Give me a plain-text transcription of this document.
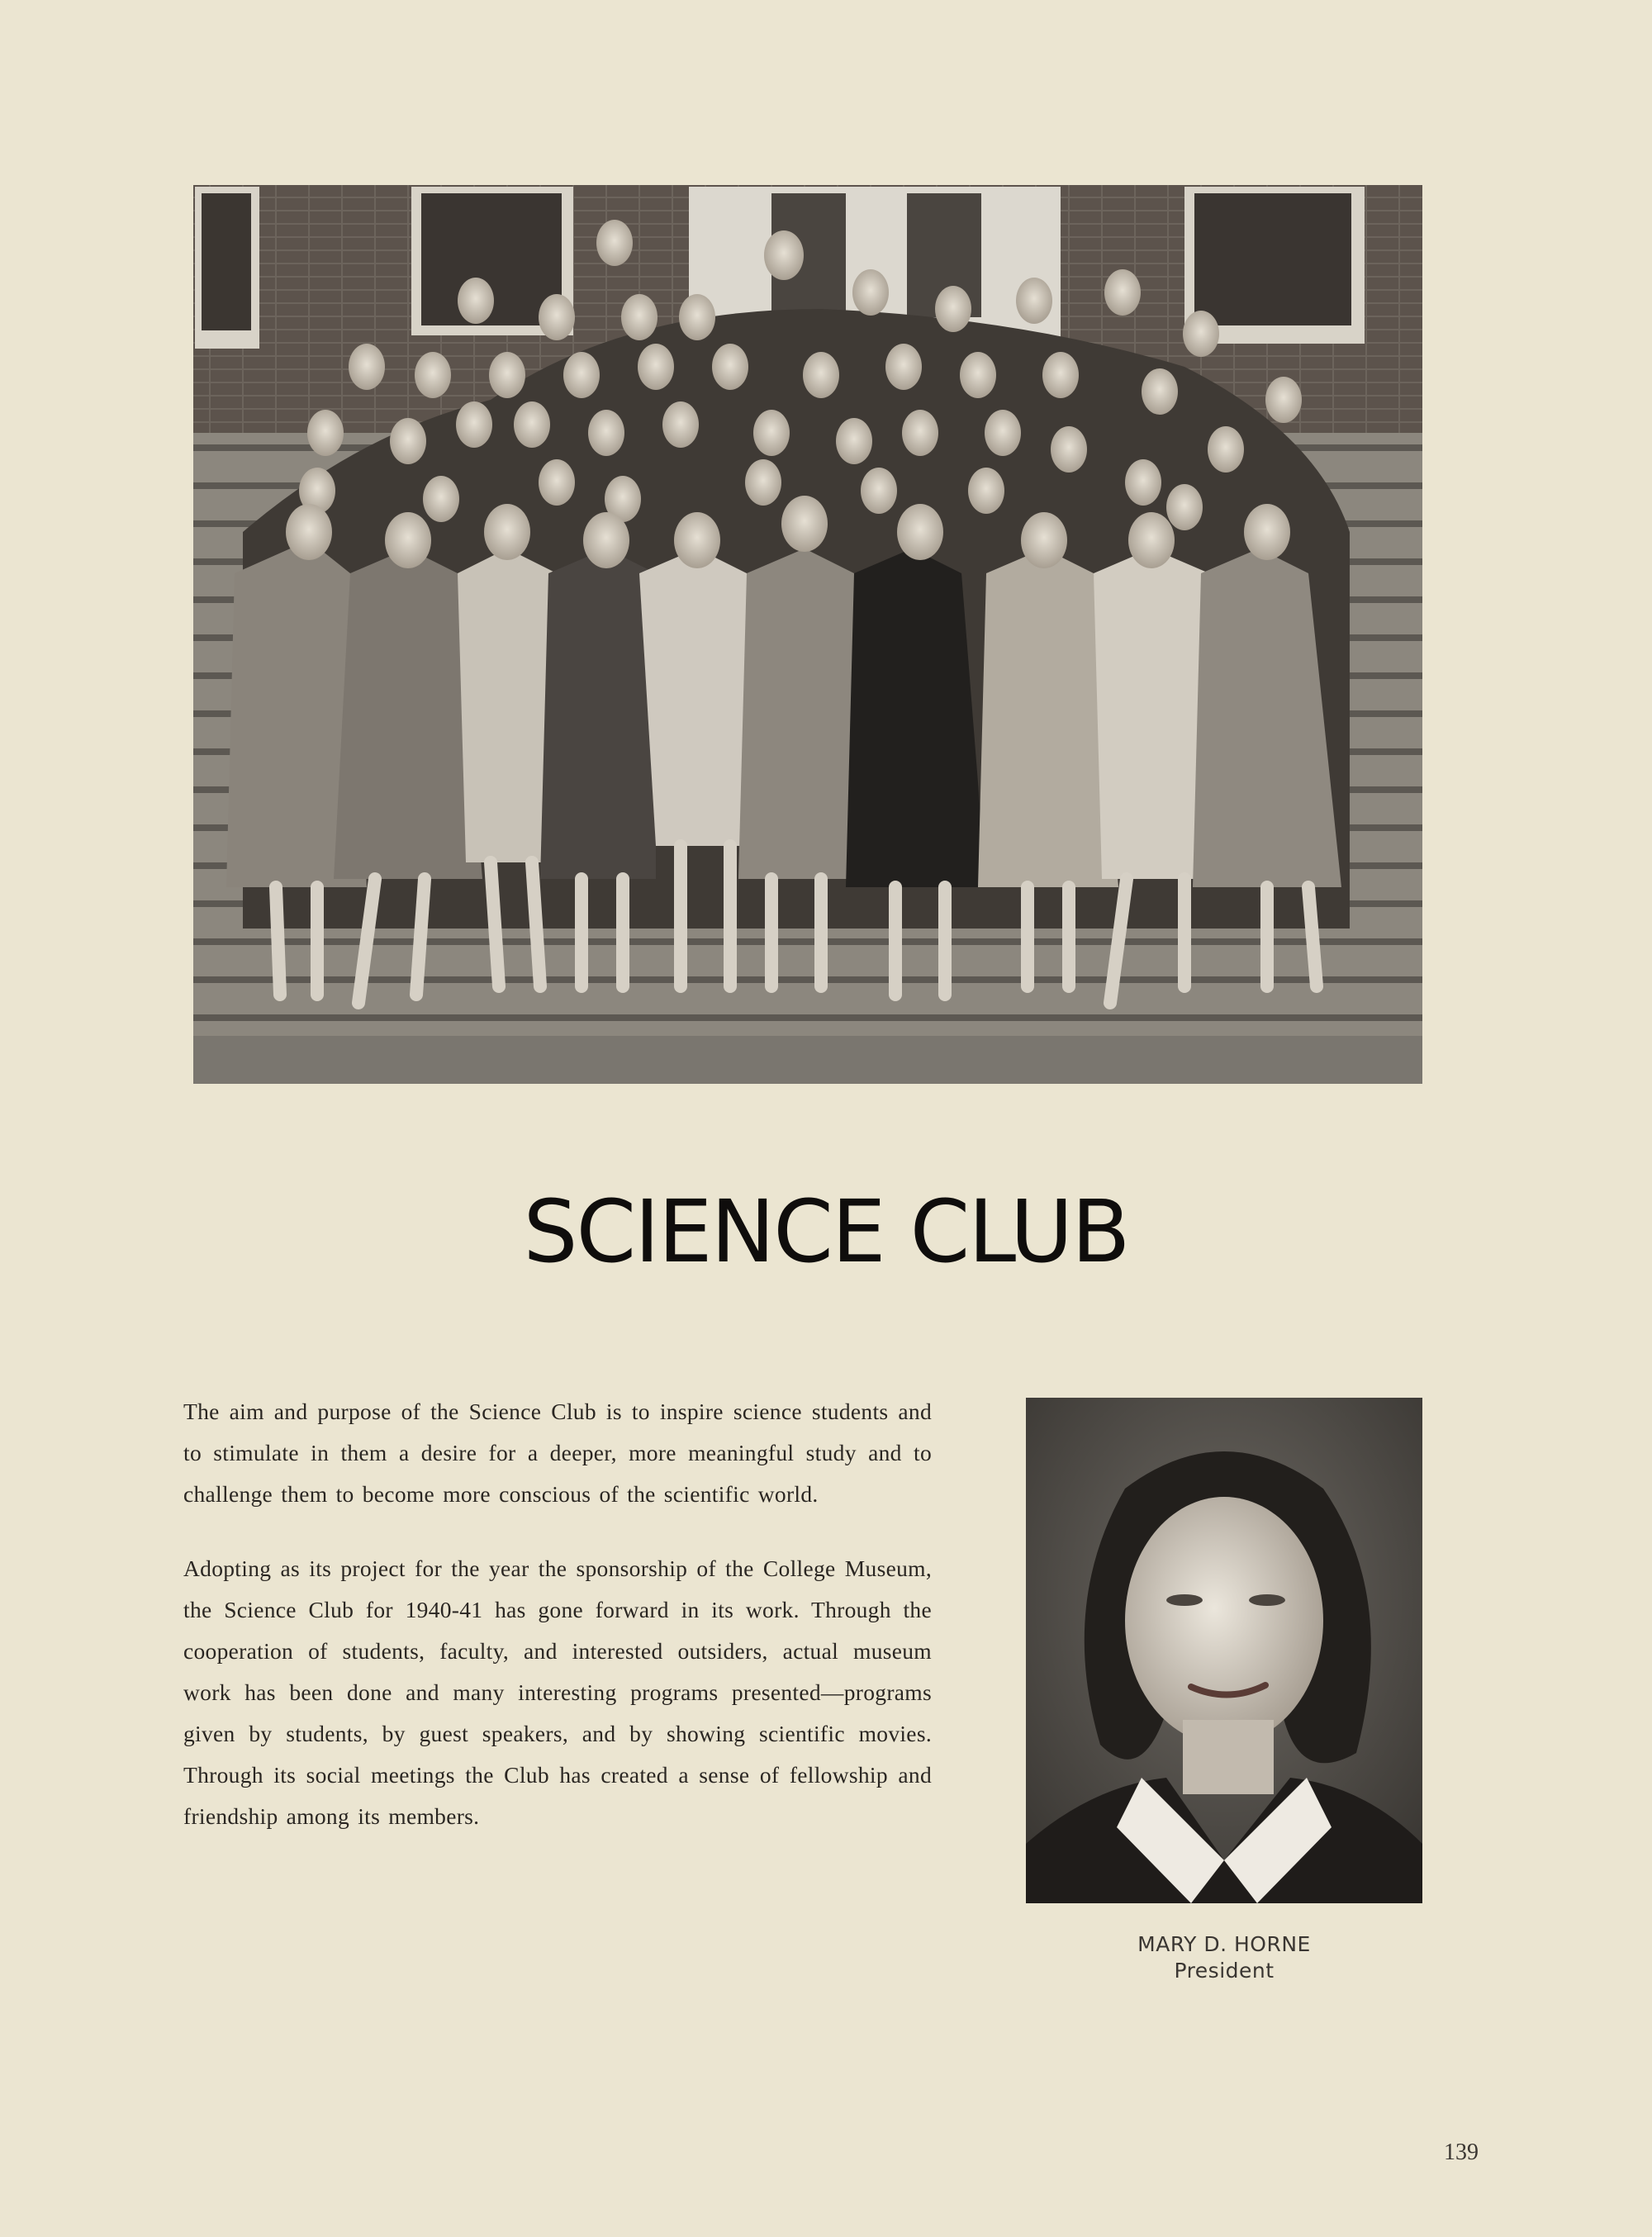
SCIENCE CLUB

The aim and purpose of the Science Club is to inspire science students and to stimulate in them a desire for a deeper, more meaningful study and to challenge them to become more conscious of the scientific world.

Adopting as its project for the year the sponsorship of the College Museum, the Science Club for 1940-41 has gone forward in its work. Through the cooperation of students, faculty, and interested outsiders, actual museum work has been done and many interesting programs presented—programs given by students, by guest speakers, and by showing scientific movies. Through its social meetings the Club has created a sense of fellowship and friendship among its members.

MARY D. HORNE
President
139
